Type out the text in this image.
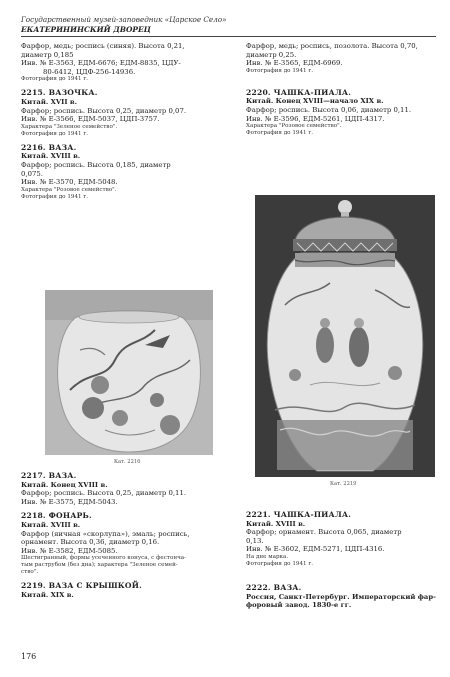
Государственный музей-заповедник «Царское Село»
ЕКАТЕРИНИНСКИЙ ДВОРЕЦ

Фарфор, медь; роспись (синяя). Высота 0,21,

диаметр 0,185

Инв. № Е-3563, ЕДМ-6676; ЕДМ-8835, ЦДУ-

80-6412, ЦДФ-256-14936.

Фотография до 1941 г.

2215. ВАЗОЧКА.

Китай. XVII в.

Фарфор; роспись. Высота 0,25, диаметр 0,07.

Инв. № Е-3566, ЕДМ-5037, ЦДП-3757.

Характера "Зеленое семейство".

Фотография до 1941 г.

2216. ВАЗА.

Китай. XVIII в.

Фарфор; роспись. Высота 0,185, диаметр

0,075.

Инв. № Е-3570, ЕДМ-5048.

Характера "Розовое семейство".

Фотография до 1941 г.

Кат. 2216

2217. ВАЗА.

Китай. Конец XVIII в.

Фарфор; роспись. Высота 0,25, диаметр 0,11.

Инв. № Е-3575, ЕДМ-5043.

2218. ФОНАРЬ.

Китай. XVIII в.

Фарфор (яичная «скорлупа»), эмаль; роспись,

орнамент. Высота 0,36, диаметр 0,16.

Инв. № Е-3582, ЕДМ-5085.

Шестигранный, формы усеченного конуса, с фестонча-

тым раструбом (без дна); характера "Зеленое семей-

ство".

2219. ВАЗА С КРЫШКОЙ.

Китай. XIX в.

176

Фарфор, медь; роспись, позолота. Высота 0,70,

диаметр 0,25.

Инв. № Е-3565, ЕДМ-6969.

Фотография до 1941 г.

2220. ЧАШКА-ПИАЛА.

Китай. Конец XVIII—начало XIX в.

Фарфор; роспись. Высота 0,06, диаметр 0,11.

Инв. № Е-3596, ЕДМ-5261, ЦДП-4317.

Характера "Розовое семейство".

Фотография до 1941 г.

Кат. 2219

2221. ЧАШКА-ПИАЛА.

Китай. XVIII в.

Фарфор; орнамент. Высота 0,065, диаметр

0,13.

Инв. № Е-3602, ЕДМ-5271, ЦДП-4316.

На дне марка.

Фотография до 1941 г.

2222. ВАЗА.

Россия, Санкт-Петербург. Императорский фар-

форовый завод. 1830-е гг.
